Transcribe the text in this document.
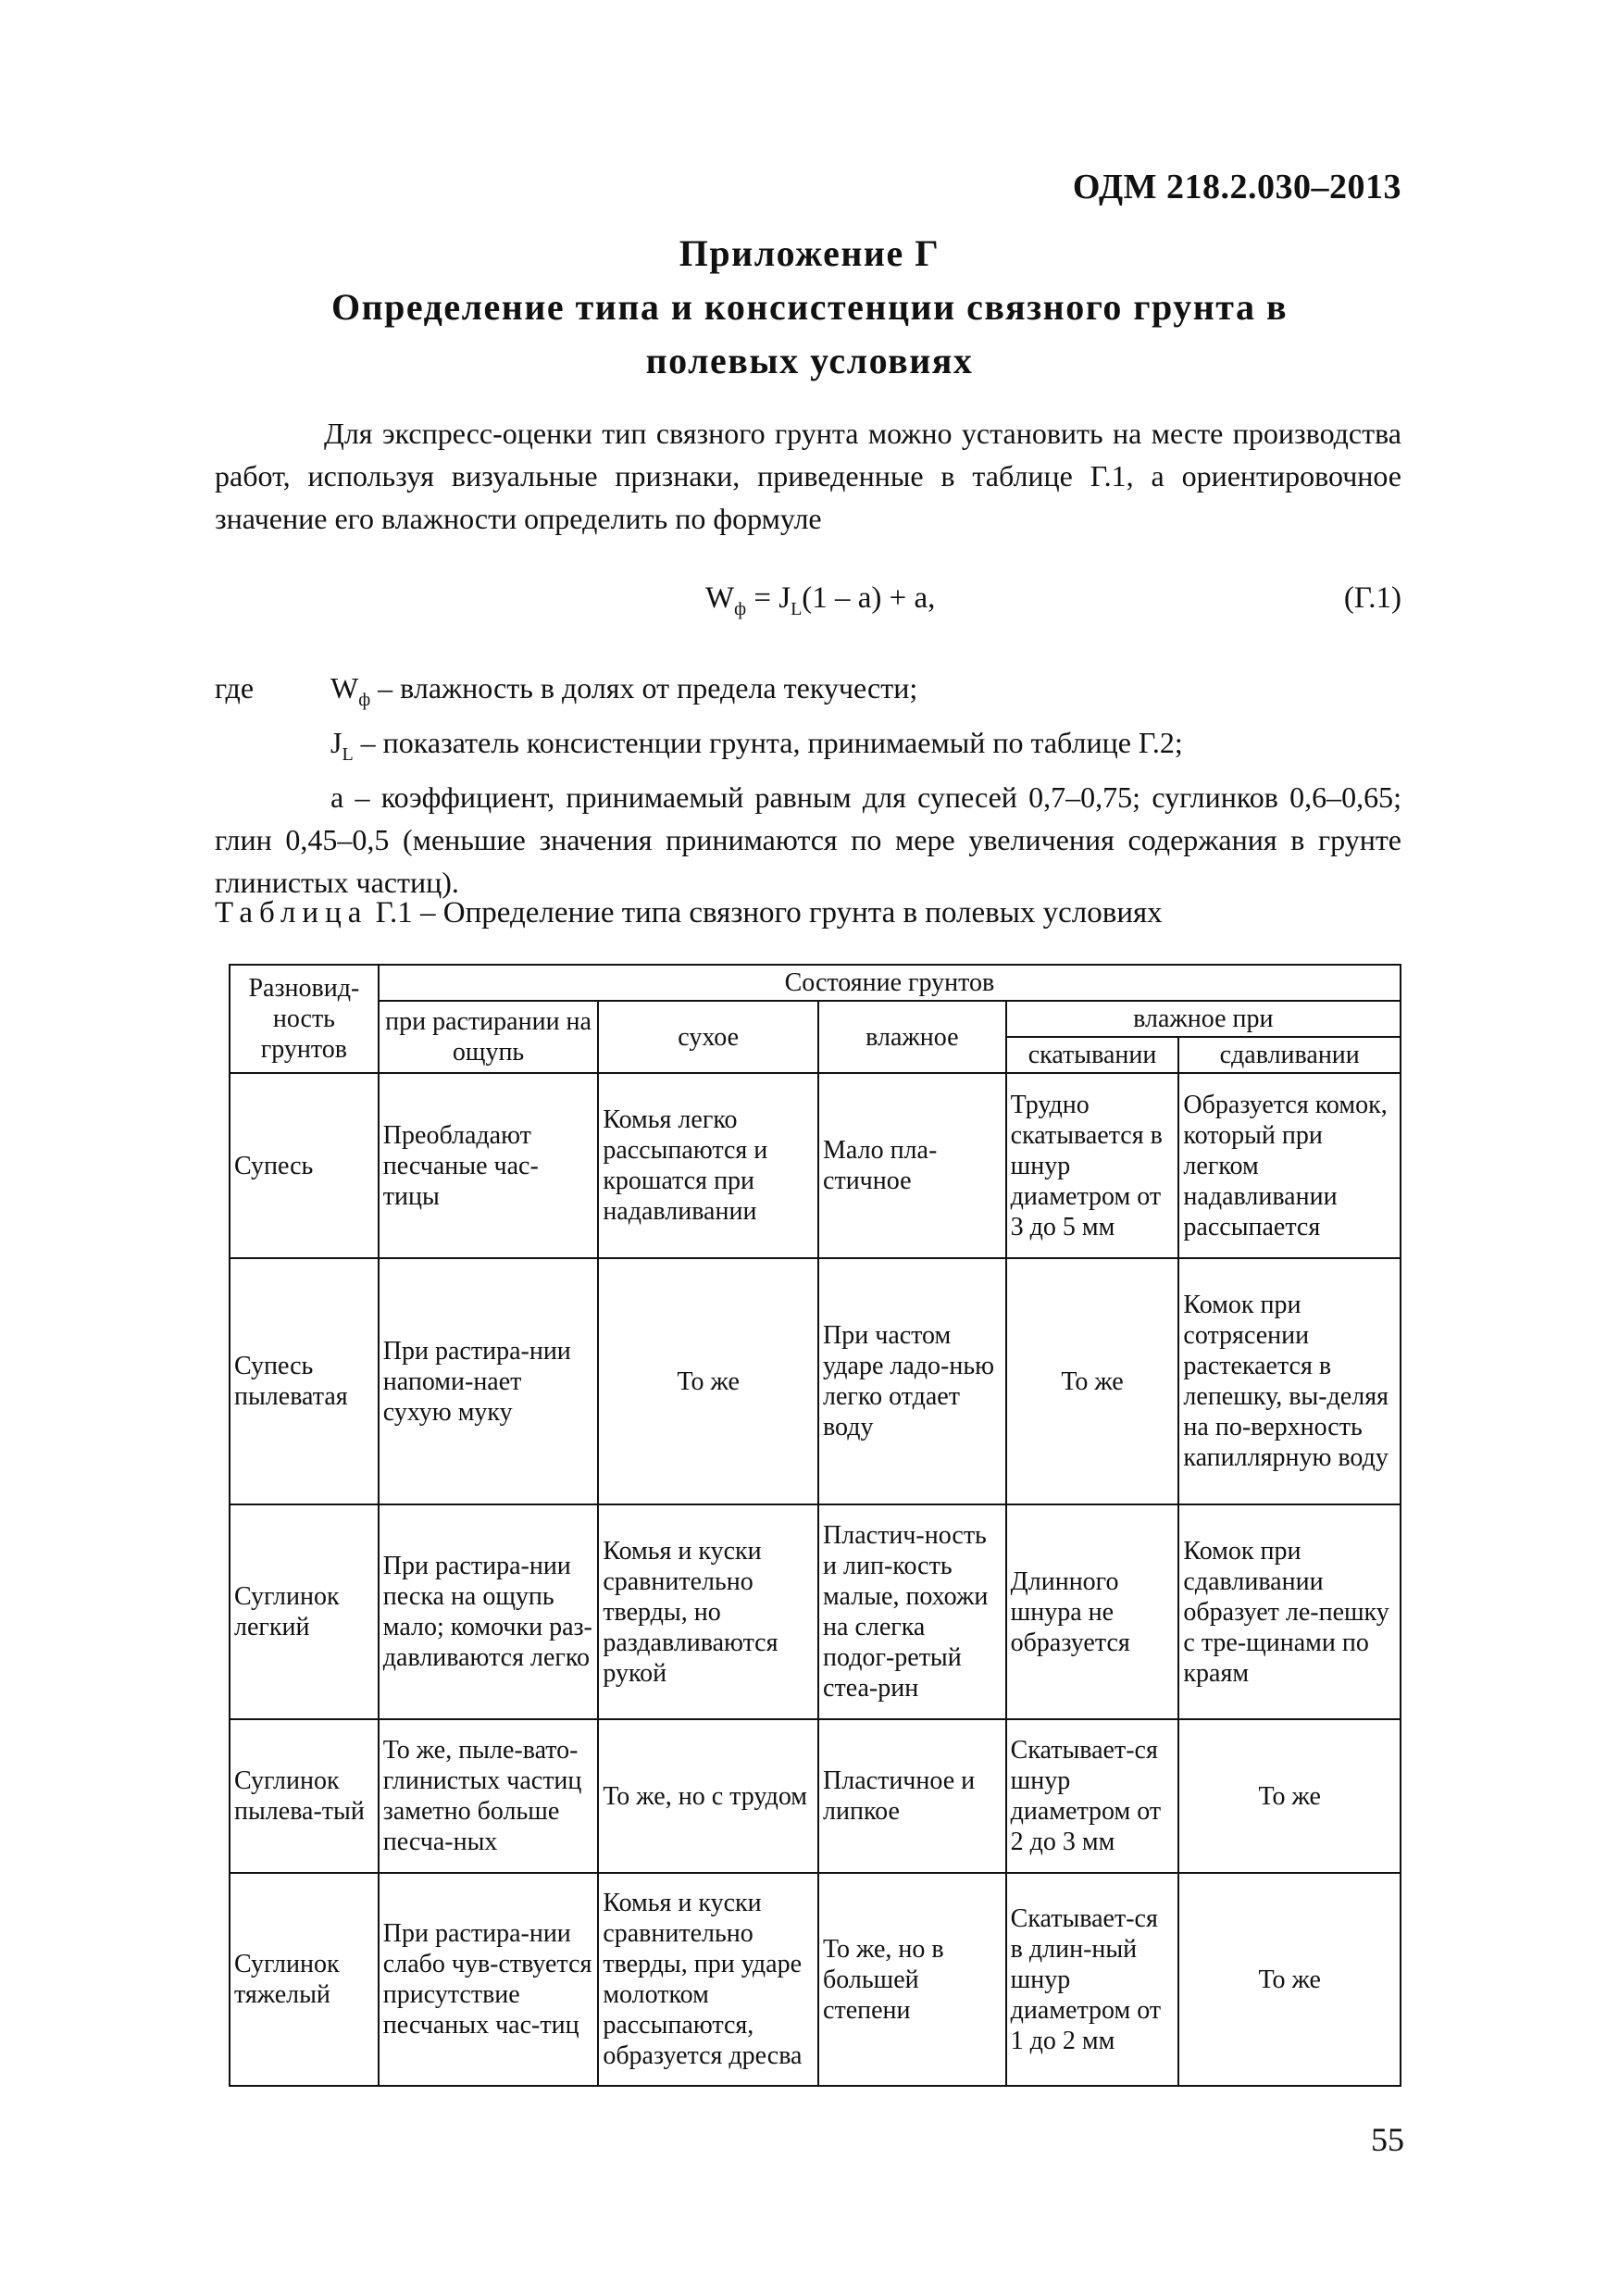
ОДМ 218.2.030–2013
Приложение Г
Определение типа и консистенции связного грунта в
полевых условиях

Для экспресс-оценки тип связного грунта можно установить на месте производства работ, используя визуальные признаки, приведенные в таблице Г.1, а ориентировочное значение его влажности определить по формуле

$W_ф = J_L(1 - a) + a$,	(Г.1)
где	$W_ф$ – влажность в долях от предела текучести;
$J_L$ – показатель консистенции грунта, принимаемый по таблице Г.2;
a – коэффициент, принимаемый равным для супесей 0,7–0,75; суглинков 0,6–0,65; глин 0,45–0,5 (меньшие значения принимаются по мере увеличения содержания в грунте глинистых частиц).
Таблица Г.1 – Определение типа связного грунта в полевых условиях
Разновид-ность грунтов	Состояние грунтов				
	при растирании на ощупь	сухое	влажное	влажное при	
				скатывании	сдавливании
Супесь	Преобладают песчаные час-тицы	Комья легко рассыпаются и крошатся при надавливании	Мало пла-стичное	Трудно скатывается в шнур диаметром от 3 до 5 мм	Образуется комок, который при легком надавливании рассыпается
Супесь пылеватая	При растира-нии напоми-нает сухую муку	То же	При частом ударе ладо-нью легко отдает воду	То же	Комок при сотрясении растекается в лепешку, вы-деляя на по-верхность капиллярную воду
Суглинок легкий	При растира-нии песка на ощупь мало; комочки раз-давливаются легко	Комья и куски сравнительно тверды, но раздавливаются рукой	Пластич-ность и лип-кость малые, похожи на слегка подог-ретый стеа-рин	Длинного шнура не образуется	Комок при сдавливании образует ле-пешку с тре-щинами по краям
Суглинок пылева-тый	То же, пыле-вато-глинистых частиц заметно больше песча-ных	То же, но с трудом	Пластичное и липкое	Скатывает-ся шнур диаметром от 2 до 3 мм	То же
Суглинок тяжелый	При растира-нии слабо чув-ствуется присутствие песчаных час-тиц	Комья и куски сравнительно тверды, при ударе молотком рассыпаются, образуется дресва	То же, но в большей степени	Скатывает-ся в длин-ный шнур диаметром от 1 до 2 мм	То же
55
